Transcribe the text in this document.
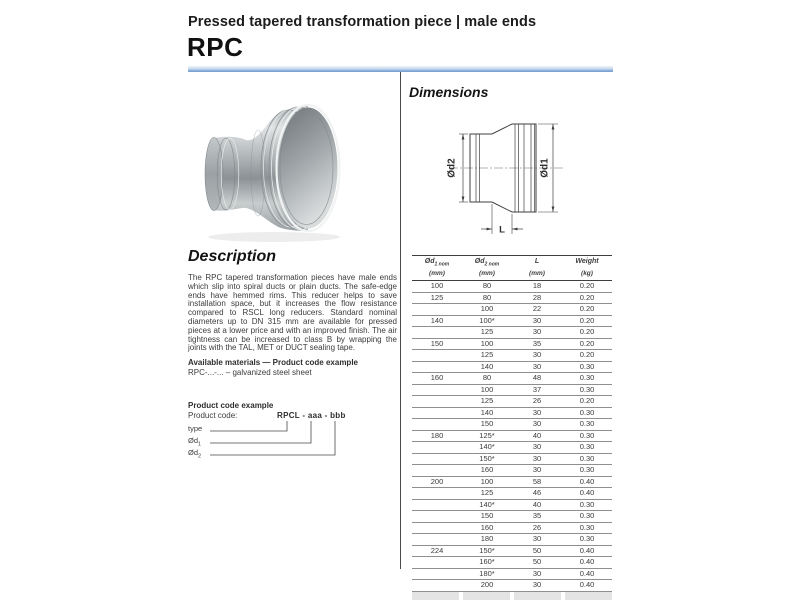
Pressed tapered transformation piece | male ends
RPC
Description
The RPC tapered transformation pieces have male ends which slip into spiral ducts or plain ducts. The safe-edge ends have hemmed rims. This reducer helps to save installation space, but it increases the flow resistance compared to RSCL long reducers. Standard nominal diameters up to DN 315 mm are available for pressed pieces at a lower price and with an improved finish. The air tightness can be increased to class B by wrapping the joints with the TAL, MET or DUCT sealing tape.
Available materials — Product code example
RPC-...-... – galvanized steel sheet
Product code example
Product code:	RPCL - aaa - bbb
type
$Ød_1$
$Ød_2$
Dimensions
Ød2	Ød1
L
$Ød_{1 nom}$	$Ød_{2 nom}$	L	Weight
(mm)	(mm)	(mm)	(kg)
100	80	18	0.20
125	80	28	0.20
	100	22	0.20
140	100*	30	0.20
	125	30	0.20
150	100	35	0.20
	125	30	0.20
	140	30	0.30
160	80	48	0.30
	100	37	0.30
	125	26	0.20
	140	30	0.30
	150	30	0.30
180	125*	40	0.30
	140*	30	0.30
	150*	30	0.30
	160	30	0.30
200	100	58	0.40
	125	46	0.40
	140*	40	0.30
	150	35	0.30
	160	26	0.30
	180	30	0.30
224	150*	50	0.40
	160*	50	0.40
	180*	30	0.40
	200	30	0.40
